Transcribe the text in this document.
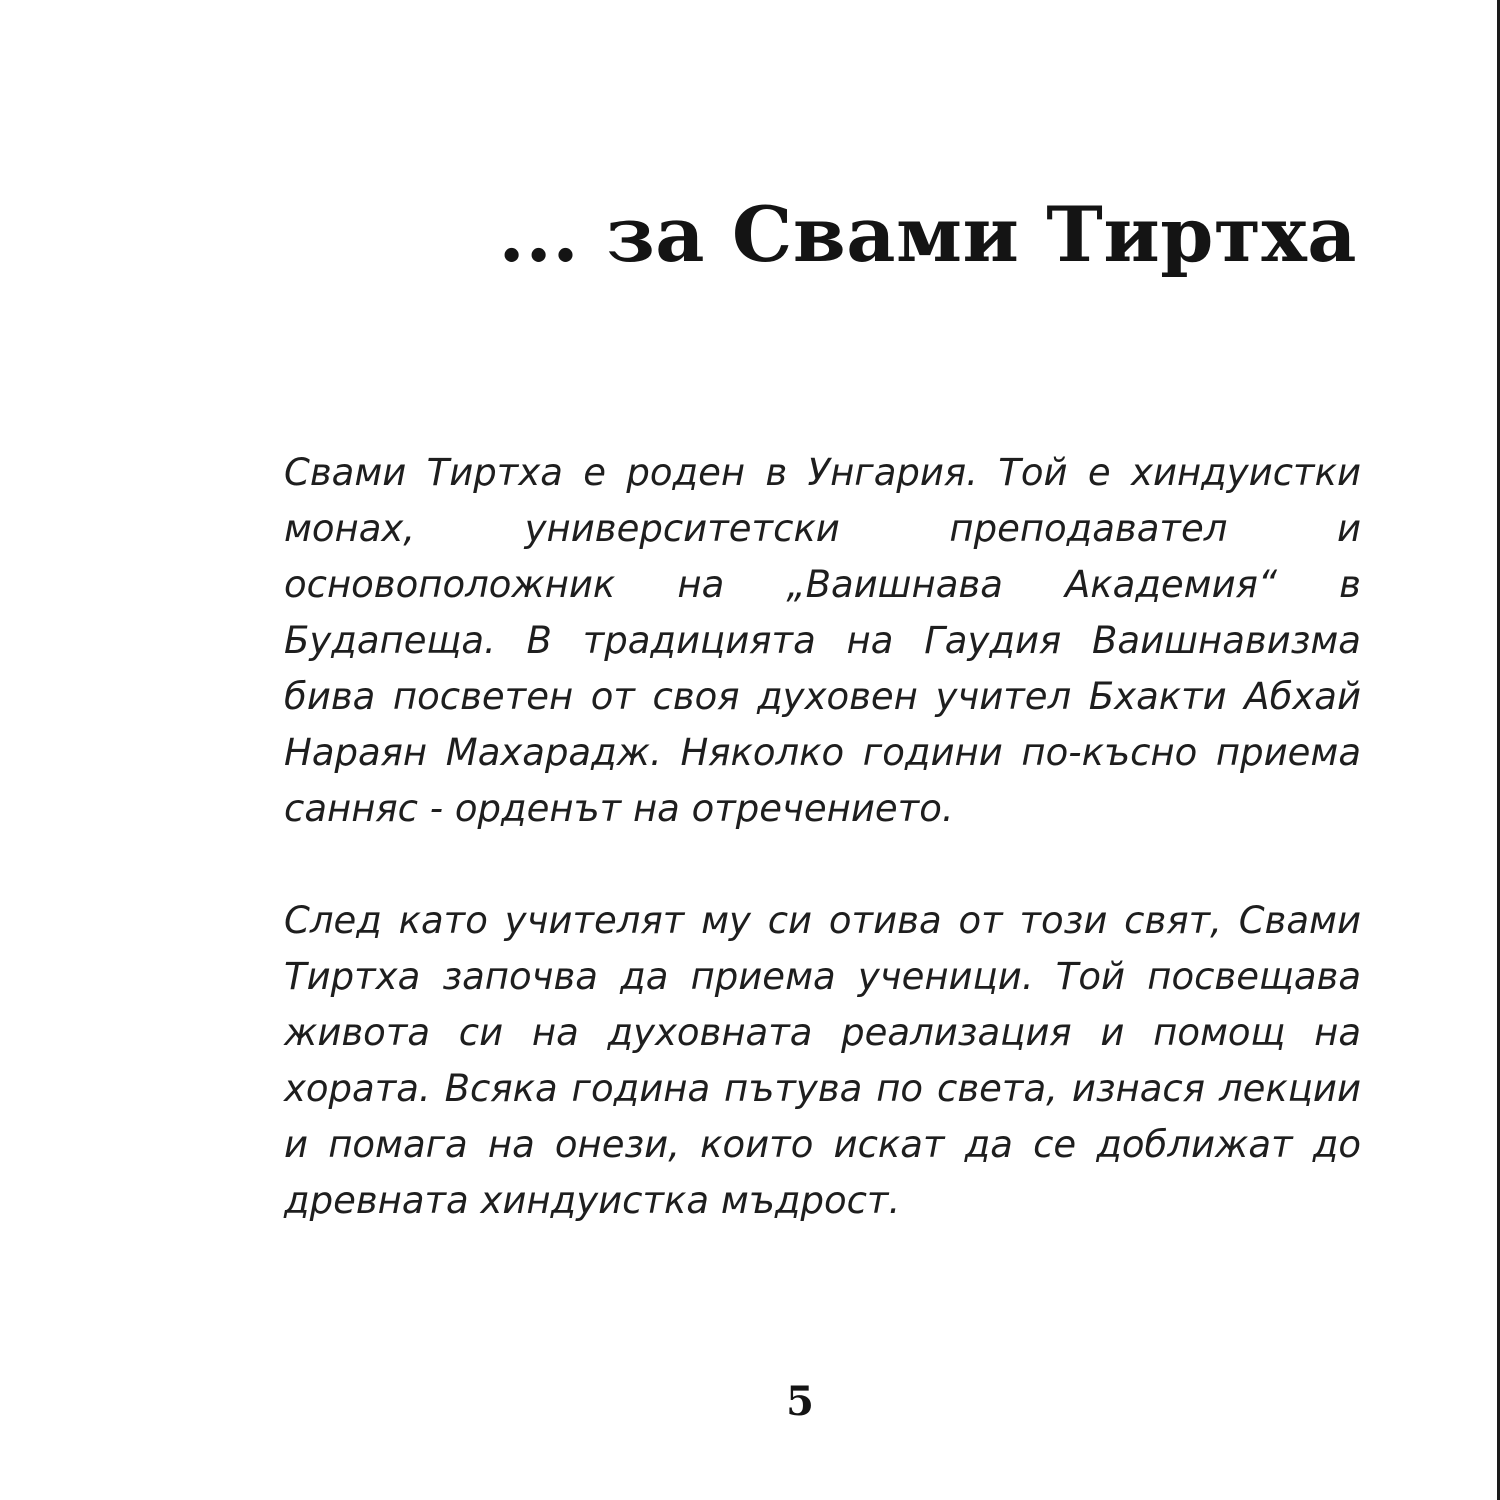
... за Свами Тиртха

Свами Тиртха е роден в Унгария. Той е хиндуистки монах, университетски преподавател и основоположник на „Ваишнава Академия“ в Будапеща. В традицията на Гаудия Ваишнавизма бива посветен от своя духовен учител Бхакти Абхай Нараян Махарадж. Няколко години по-късно приема санняс - орденът на отречението.

След като учителят му си отива от този свят, Свами Тиртха започва да приема ученици. Той посвещава живота си на духовната реализация и помощ на хората. Всяка година пътува по света, изнася лекции и помага на онези, които искат да се доближат до древната хиндуистка мъдрост.

5
